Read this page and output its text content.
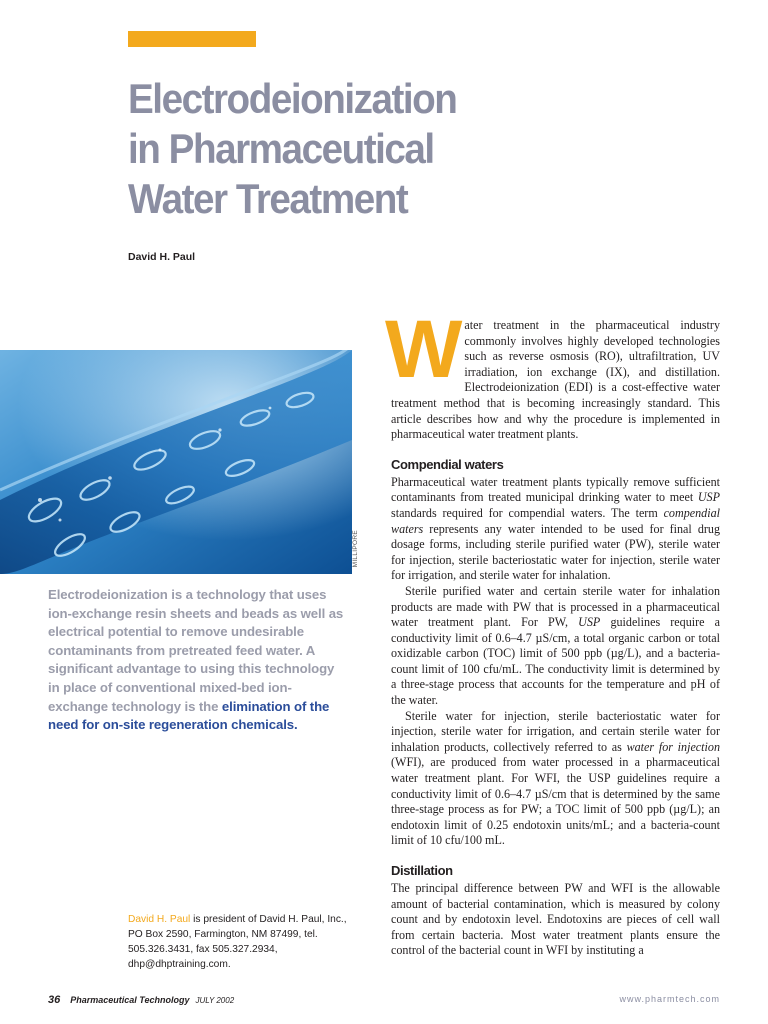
Electrodeionization
in Pharmaceutical
Water Treatment
David H. Paul
MILLIPORE

Electrodeionization is a technology that uses ion-exchange resin sheets and beads as well as electrical potential to remove undesirable contaminants from pretreated feed water. A significant advantage to using this technology in place of conventional mixed-bed ion-exchange technology is the elimination of the need for on-site regeneration chemicals.

David H. Paul is president of David H. Paul, Inc., PO Box 2590, Farmington, NM 87499, tel. 505.326.3431, fax 505.327.2934, dhp@dhptraining.com.
36 Pharmaceutical Technology JULY 2002	www.pharmtech.com
W ater treatment in the pharmaceutical industry commonly involves highly developed technologies such as reverse osmosis (RO), ultrafiltration, UV irradiation, ion exchange (IX), and distillation. Electrodeionization (EDI) is a cost-effective water treatment method that is becoming increasingly standard. This article describes how and why the procedure is implemented in pharmaceutical water treatment plants.

Compendial waters

Pharmaceutical water treatment plants typically remove sufficient contaminants from treated municipal drinking water to meet USP standards required for compendial waters. The term compendial waters represents any water intended to be used for final drug dosage forms, including sterile purified water (PW), sterile water for injection, sterile bacteriostatic water for injection, sterile water for irrigation, and sterile water for inhalation.

Sterile purified water and certain sterile water for inhalation products are made with PW that is processed in a pharmaceutical water treatment plant. For PW, USP guidelines require a conductivity limit of 0.6–4.7 µS/cm, a total organic carbon or total oxidizable carbon (TOC) limit of 500 ppb (µg/L), and a bacteria-count limit of 100 cfu/mL. The conductivity limit is determined by a three-stage process that accounts for the temperature and pH of the water.

Sterile water for injection, sterile bacteriostatic water for injection, sterile water for irrigation, and certain sterile water for inhalation products, collectively referred to as water for injection (WFI), are produced from water processed in a pharmaceutical water treatment plant. For WFI, the USP guidelines require a conductivity limit of 0.6–4.7 µS/cm that is determined by the same three-stage process as for PW; a TOC limit of 500 ppb (µg/L); an endotoxin limit of 0.25 endotoxin units/mL; and a bacteria-count limit of 10 cfu/100 mL.

Distillation

The principal difference between PW and WFI is the allowable amount of bacterial contamination, which is measured by colony count and by endotoxin level. Endotoxins are pieces of cell wall from certain bacteria. Most water treatment plants ensure the control of the bacterial count in WFI by instituting a
